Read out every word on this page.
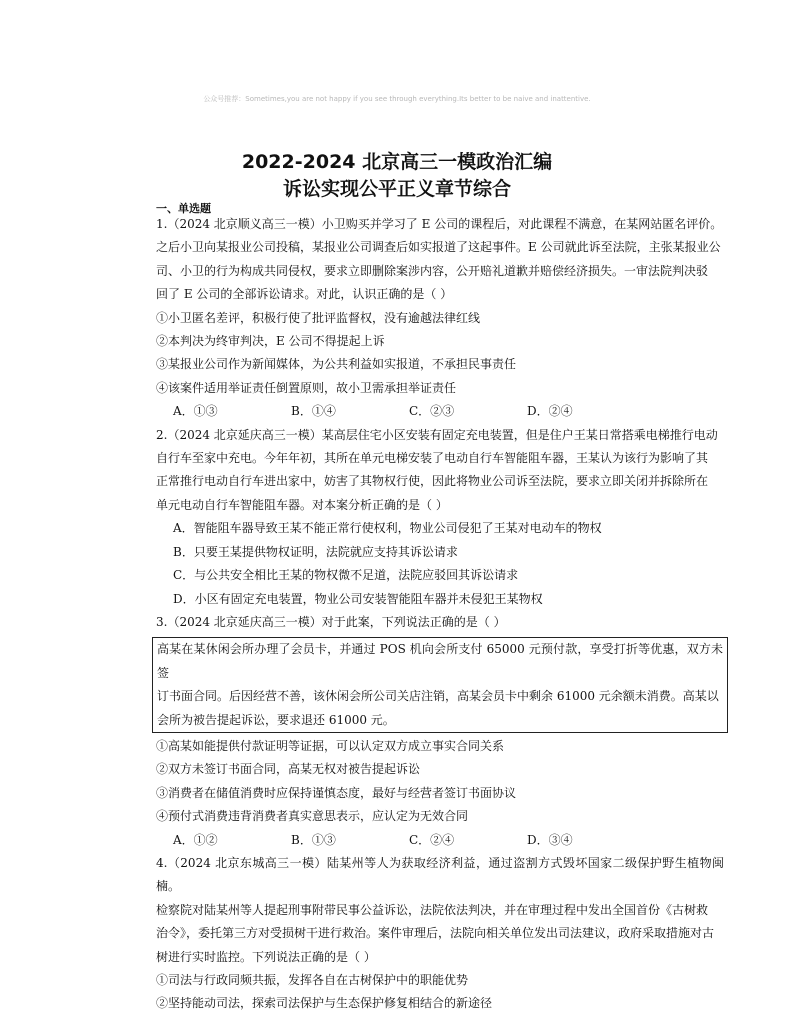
公众号推荐：Sometimes,you are not happy if you see through everything.Its better to be naive and inattentive.
2022-2024 北京高三一模政治汇编
诉讼实现公平正义章节综合
一、单选题

1.（2024 北京顺义高三一模）小卫购买并学习了 E 公司的课程后，对此课程不满意，在某网站匿名评价。

之后小卫向某报业公司投稿，某报业公司调查后如实报道了这起事件。E 公司就此诉至法院，主张某报业公

司、小卫的行为构成共同侵权，要求立即删除案涉内容，公开赔礼道歉并赔偿经济损失。一审法院判决驳

回了 E 公司的全部诉讼请求。对此，认识正确的是（ ）

①小卫匿名差评，积极行使了批评监督权，没有逾越法律红线

②本判决为终审判决，E 公司不得提起上诉

③某报业公司作为新闻媒体，为公共利益如实报道，不承担民事责任

④该案件适用举证责任倒置原则，故小卫需承担举证责任

A．①③	B．①④	C．②③	D．②④

2.（2024 北京延庆高三一模）某高层住宅小区安装有固定充电装置，但是住户王某日常搭乘电梯推行电动

自行车至家中充电。今年年初，其所在单元电梯安装了电动自行车智能阻车器，王某认为该行为影响了其

正常推行电动自行车进出家中，妨害了其物权行使，因此将物业公司诉至法院，要求立即关闭并拆除所在

单元电动自行车智能阻车器。对本案分析正确的是（ ）

A．智能阻车器导致王某不能正常行使权利，物业公司侵犯了王某对电动车的物权

B．只要王某提供物权证明，法院就应支持其诉讼请求

C．与公共安全相比王某的物权微不足道，法院应驳回其诉讼请求

D．小区有固定充电装置，物业公司安装智能阻车器并未侵犯王某物权

3.（2024 北京延庆高三一模）对于此案，下列说法正确的是（ ）

高某在某休闲会所办理了会员卡，并通过 POS 机向会所支付 65000 元预付款，享受打折等优惠，双方未签

订书面合同。后因经营不善，该休闲会所公司关店注销，高某会员卡中剩余 61000 元余额未消费。高某以

会所为被告提起诉讼，要求退还 61000 元。

①高某如能提供付款证明等证据，可以认定双方成立事实合同关系

②双方未签订书面合同，高某无权对被告提起诉讼

③消费者在储值消费时应保持谨慎态度，最好与经营者签订书面协议

④预付式消费违背消费者真实意思表示，应认定为无效合同

A．①②	B．①③	C．②④	D．③④

4.（2024 北京东城高三一模）陆某州等人为获取经济利益，通过盗割方式毁坏国家二级保护野生植物闽楠。

检察院对陆某州等人提起刑事附带民事公益诉讼，法院依法判决，并在审理过程中发出全国首份《古树救

治令》，委托第三方对受损树干进行救治。案件审理后，法院向相关单位发出司法建议，政府采取措施对古

树进行实时监控。下列说法正确的是（ ）

①司法与行政同频共振，发挥各自在古树保护中的职能优势

②坚持能动司法，探索司法保护与生态保护修复相结合的新途径
